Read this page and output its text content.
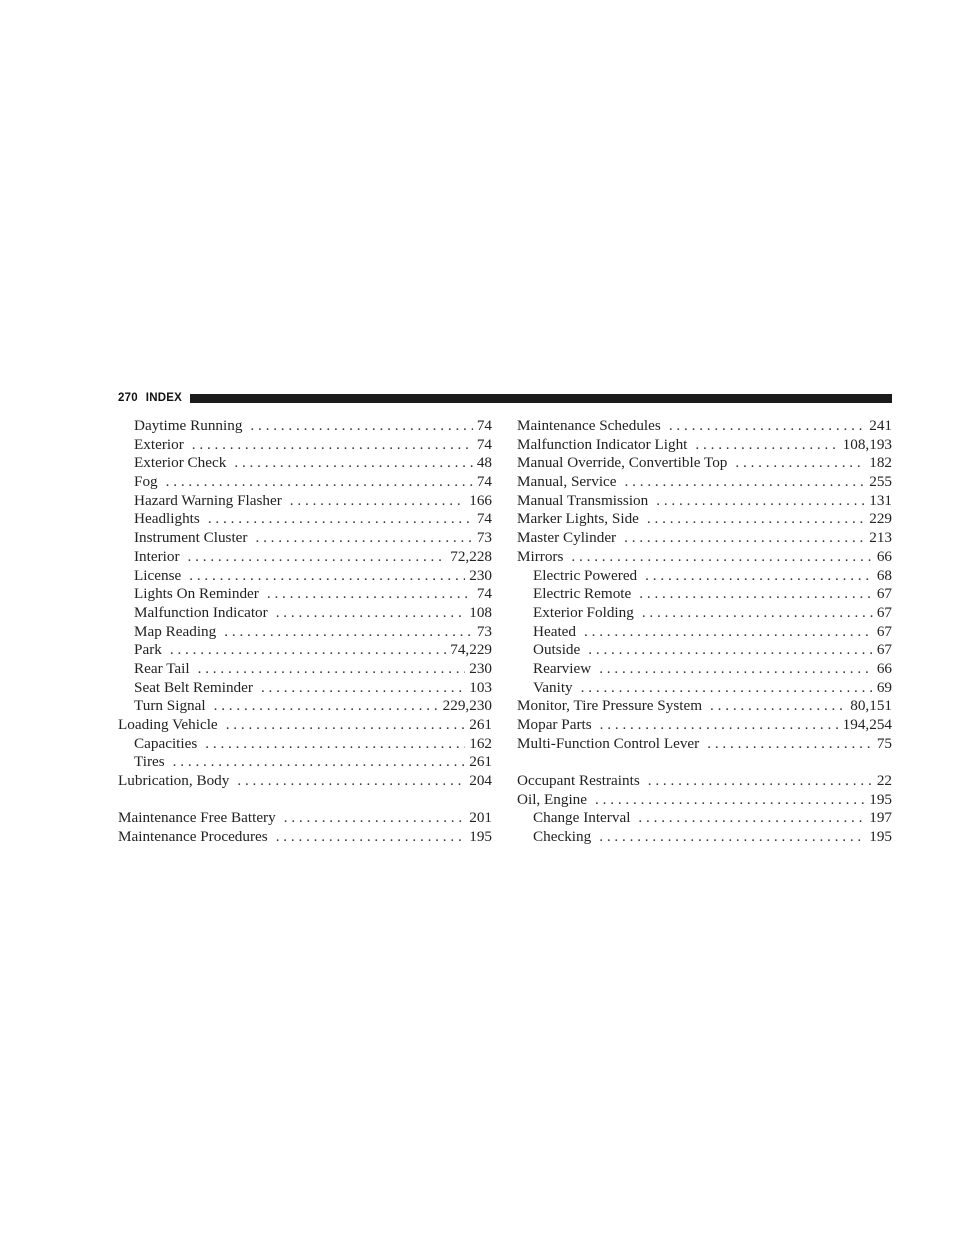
270 INDEX
Daytime Running . . .	74
Exterior . . .	74
Exterior Check . . .	48
Fog . . .	74
Hazard Warning Flasher . . .	166
Headlights . . .	74
Instrument Cluster . . .	73
Interior . . .	72,228
License . . .	230
Lights On Reminder . . .	74
Malfunction Indicator . . .	108
Map Reading . . .	73
Park . . .	74,229
Rear Tail . . .	230
Seat Belt Reminder . . .	103
Turn Signal . . .	229,230
Loading Vehicle . . .	261
Capacities . . .	162
Tires . . .	261
Lubrication, Body . . .	204
Maintenance Free Battery . . .	201
Maintenance Procedures . . .	195
Maintenance Schedules . . .	241
Malfunction Indicator Light . . .	108,193
Manual Override, Convertible Top . . .	182
Manual, Service . . .	255
Manual Transmission . . .	131
Marker Lights, Side . . .	229
Master Cylinder . . .	213
Mirrors . . .	66
Electric Powered . . .	68
Electric Remote . . .	67
Exterior Folding . . .	67
Heated . . .	67
Outside . . .	67
Rearview . . .	66
Vanity . . .	69
Monitor, Tire Pressure System . . .	80,151
Mopar Parts . . .	194,254
Multi-Function Control Lever . . .	75
Occupant Restraints . . .	22
Oil, Engine . . .	195
Change Interval . . .	197
Checking . . .	195
